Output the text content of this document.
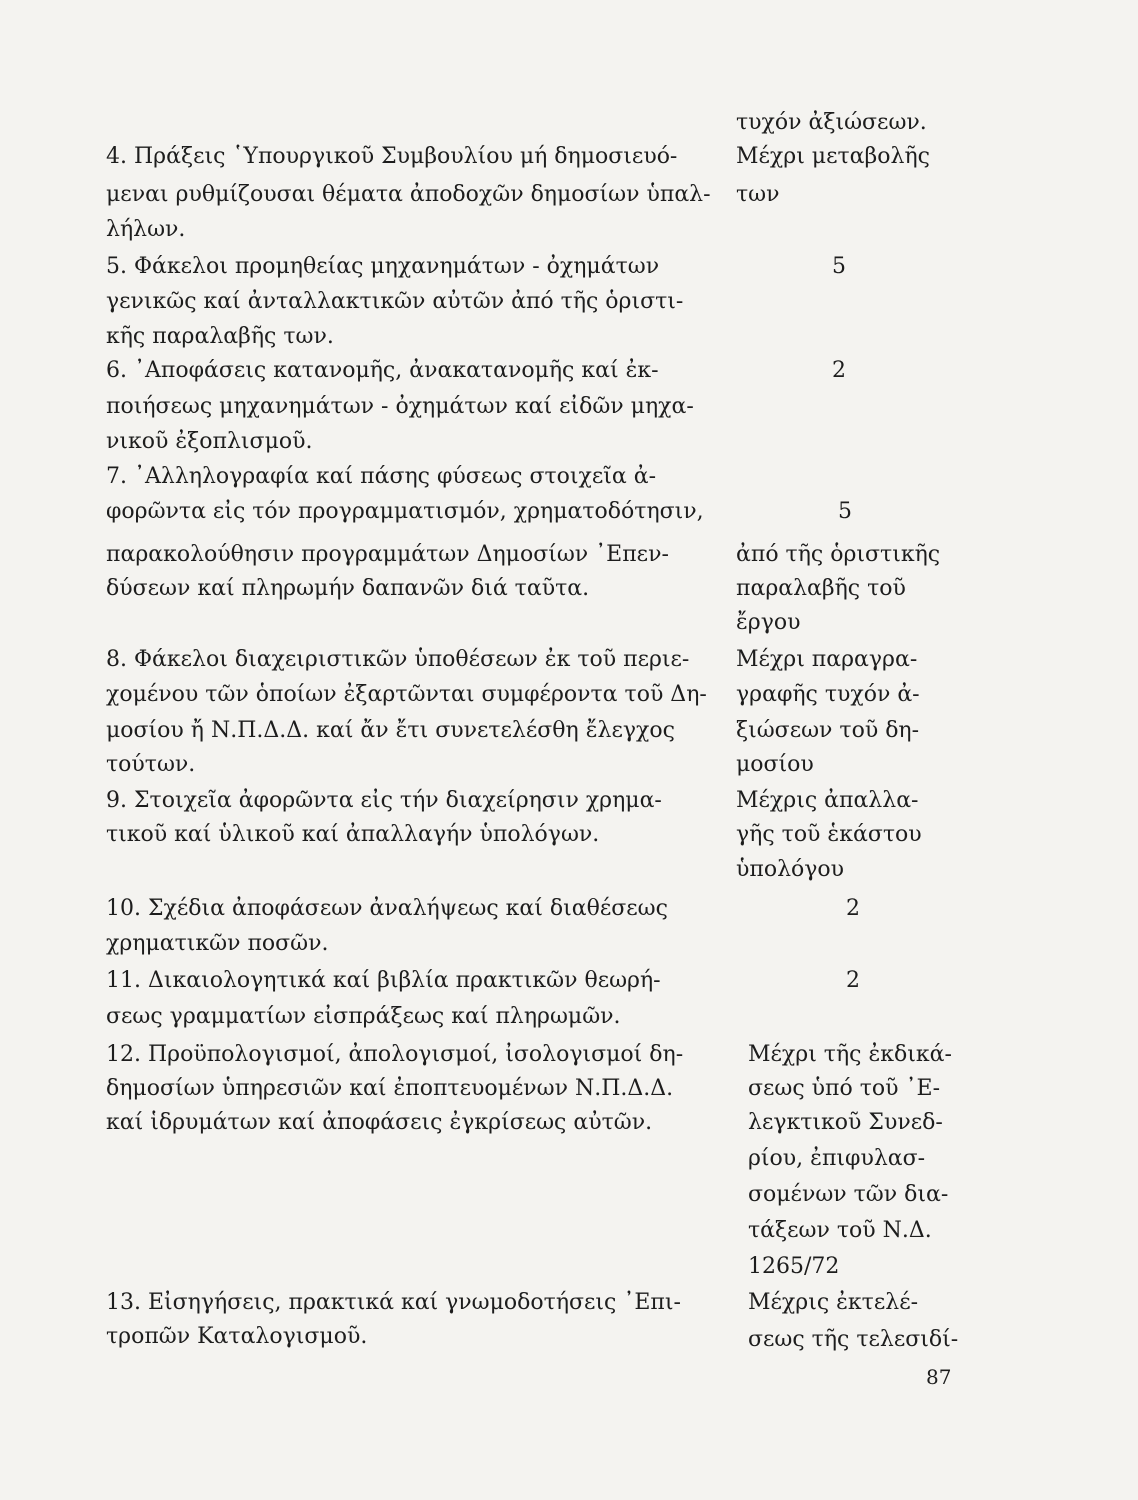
τυχόν ἀξιώσεων.
4. Πράξεις ῾Υπουργικοῦ Συμβουλίου μή δημοσιευό-	Μέχρι μεταβολῆς
μεναι ρυθμίζουσαι θέματα ἀποδοχῶν δημοσίων ὑπαλ-	των
λήλων.
5. Φάκελοι προμηθείας μηχανημάτων - ὀχημάτων	5
γενικῶς καί ἀνταλλακτικῶν αὐτῶν ἀπό τῆς ὁριστι-
κῆς παραλαβῆς των.
6. ᾿Αποφάσεις κατανομῆς, ἀνακατανομῆς καί ἐκ-	2
ποιήσεως μηχανημάτων - ὀχημάτων καί εἰδῶν μηχα-
νικοῦ ἐξοπλισμοῦ.
7. ᾿Αλληλογραφία καί πάσης φύσεως στοιχεῖα ἀ-
φορῶντα εἰς τόν προγραμματισμόν, χρηματοδότησιν,	5
παρακολούθησιν προγραμμάτων Δημοσίων ᾿Επεν-	ἀπό τῆς ὁριστικῆς
δύσεων καί πληρωμήν δαπανῶν διά ταῦτα.	παραλαβῆς τοῦ
ἔργου
8. Φάκελοι διαχειριστικῶν ὑποθέσεων ἐκ τοῦ περιε-	Μέχρι παραγρα-
χομένου τῶν ὁποίων ἐξαρτῶνται συμφέροντα τοῦ Δη-	γραφῆς τυχόν ἀ-
μοσίου ἤ Ν.Π.Δ.Δ. καί ἄν ἔτι συνετελέσθη ἔλεγχος	ξιώσεων τοῦ δη-
τούτων.	μοσίου
9. Στοιχεῖα ἀφορῶντα εἰς τήν διαχείρησιν χρημα-	Μέχρις ἀπαλλα-
τικοῦ καί ὑλικοῦ καί ἀπαλλαγήν ὑπολόγων.	γῆς τοῦ ἑκάστου
ὑπολόγου
10. Σχέδια ἀποφάσεων ἀναλήψεως καί διαθέσεως	2
χρηματικῶν ποσῶν.
11. Δικαιολογητικά καί βιβλία πρακτικῶν θεωρή-	2
σεως γραμματίων εἰσπράξεως καί πληρωμῶν.
12. Προϋπολογισμοί, ἀπολογισμοί, ἰσολογισμοί δη-	Μέχρι τῆς ἐκδικά-
δημοσίων ὑπηρεσιῶν καί ἐποπτευομένων Ν.Π.Δ.Δ.	σεως ὑπό τοῦ ᾿Ε-
καί ἱδρυμάτων καί ἀποφάσεις ἐγκρίσεως αὐτῶν.	λεγκτικοῦ Συνεδ-
ρίου, ἐπιφυλασ-
σομένων τῶν δια-
τάξεων τοῦ Ν.Δ.
1265/72
13. Εἰσηγήσεις, πρακτικά καί γνωμοδοτήσεις ᾿Επι-	Μέχρις ἐκτελέ-
τροπῶν Καταλογισμοῦ.	σεως τῆς τελεσιδί-
87
